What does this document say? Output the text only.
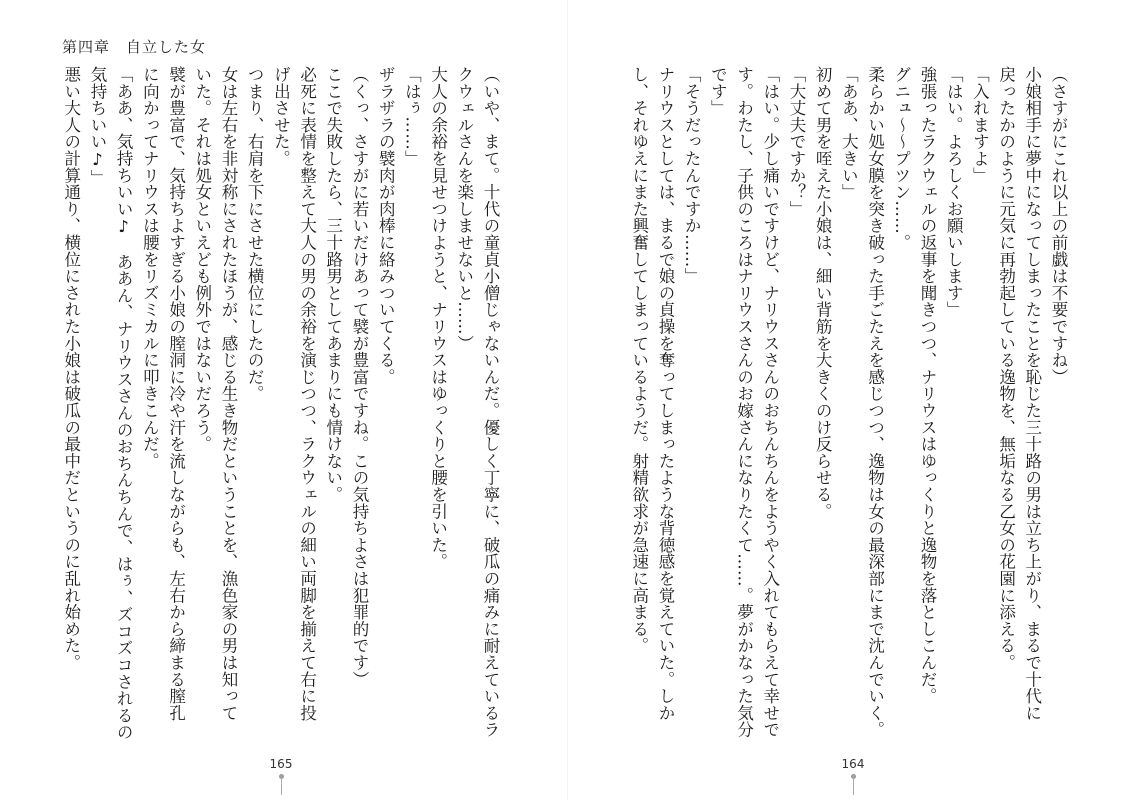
第四章　自立した女
（いや、まて。十代の童貞小僧じゃないんだ。優しく丁寧に、破瓜の痛みに耐えているラ
クウェルさんを楽しませないと……）
大人の余裕を見せつけようと、ナリウスはゆっくりと腰を引いた。
「はぅ……」
ザラザラの襞肉が肉棒に絡みついてくる。
（くっ、さすがに若いだけあって襞が豊富ですね。この気持ちよさは犯罪的です）
ここで失敗したら、三十路男としてあまりにも情けない。
必死に表情を整えて大人の男の余裕を演じつつ、ラクウェルの細い両脚を揃えて右に投
げ出させた。
つまり、右肩を下にさせた横位にしたのだ。
女は左右を非対称にされたほうが、感じる生き物だということを、漁色家の男は知って
いた。それは処女といえども例外ではないだろう。
襞が豊富で、気持ちよすぎる小娘の膣洞に冷や汗を流しながらも、左右から締まる膣孔
に向かってナリウスは腰をリズミカルに叩きこんだ。
「ああ、気持ちいい♪　ああん、ナリウスさんのおちんちんで、はぅ、ズコズコされるの
気持ちいい♪」
悪い大人の計算通り、横位にされた小娘は破瓜の最中だというのに乱れ始めた。
165
（さすがにこれ以上の前戯は不要ですね）
小娘相手に夢中になってしまったことを恥じた三十路の男は立ち上がり、まるで十代に
戻ったかのように元気に再勃起している逸物を、無垢なる乙女の花園に添える。
「入れますよ」
「はい。よろしくお願いします」
強張ったラクウェルの返事を聞きつつ、ナリウスはゆっくりと逸物を落としこんだ。
グニュ～～プツン……。
柔らかい処女膜を突き破った手ごたえを感じつつ、逸物は女の最深部にまで沈んでいく。
「ああ、大きい」
初めて男を咥えた小娘は、細い背筋を大きくのけ反らせる。
「大丈夫ですか？」
「はい。少し痛いですけど、ナリウスさんのおちんちんをようやく入れてもらえて幸せで
す。わたし、子供のころはナリウスさんのお嫁さんになりたくて……。夢がかなった気分
です」
「そうだったんですか……」
ナリウスとしては、まるで娘の貞操を奪ってしまったような背徳感を覚えていた。しか
し、それゆえにまた興奮してしまっているようだ。射精欲求が急速に高まる。
164
